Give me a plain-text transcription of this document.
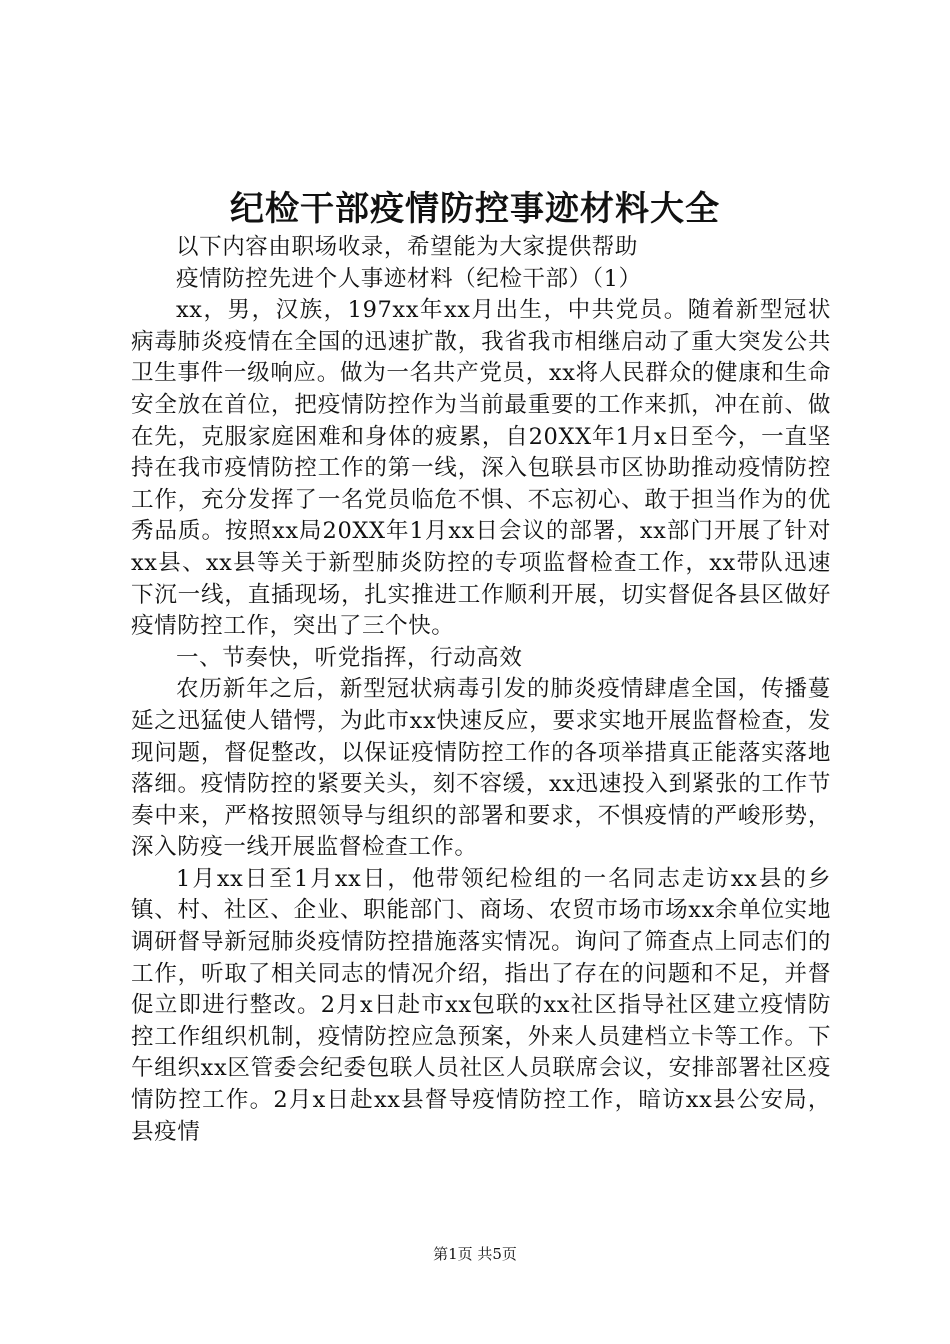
纪检干部疫情防控事迹材料大全

以下内容由职场收录，希望能为大家提供帮助

疫情防控先进个人事迹材料（纪检干部）（1）

xx，男，汉族，197xx年xx月出生，中共党员。随着新型冠状病毒肺炎疫情在全国的迅速扩散，我省我市相继启动了重大突发公共卫生事件一级响应。做为一名共产党员，xx将人民群众的健康和生命安全放在首位，把疫情防控作为当前最重要的工作来抓，冲在前、做在先，克服家庭困难和身体的疲累，自20XX年1月x日至今，一直坚持在我市疫情防控工作的第一线，深入包联县市区协助推动疫情防控工作，充分发挥了一名党员临危不惧、不忘初心、敢于担当作为的优秀品质。按照xx局20XX年1月xx日会议的部署，xx部门开展了针对xx县、xx县等关于新型肺炎防控的专项监督检查工作，xx带队迅速下沉一线，直插现场，扎实推进工作顺利开展，切实督促各县区做好疫情防控工作，突出了三个快。

一、节奏快，听党指挥，行动高效

农历新年之后，新型冠状病毒引发的肺炎疫情肆虐全国，传播蔓延之迅猛使人错愕，为此市xx快速反应，要求实地开展监督检查，发现问题，督促整改，以保证疫情防控工作的各项举措真正能落实落地落细。疫情防控的紧要关头，刻不容缓，xx迅速投入到紧张的工作节奏中来，严格按照领导与组织的部署和要求，不惧疫情的严峻形势，深入防疫一线开展监督检查工作。

1月xx日至1月xx日，他带领纪检组的一名同志走访xx县的乡镇、村、社区、企业、职能部门、商场、农贸市场市场xx余单位实地调研督导新冠肺炎疫情防控措施落实情况。询问了筛查点上同志们的工作，听取了相关同志的情况介绍，指出了存在的问题和不足，并督促立即进行整改。2月x日赴市xx包联的xx社区指导社区建立疫情防控工作组织机制，疫情防控应急预案，外来人员建档立卡等工作。下午组织xx区管委会纪委包联人员社区人员联席会议，安排部署社区疫情防控工作。2月x日赴xx县督导疫情防控工作，暗访xx县公安局，县疫情

第1页 共5页
